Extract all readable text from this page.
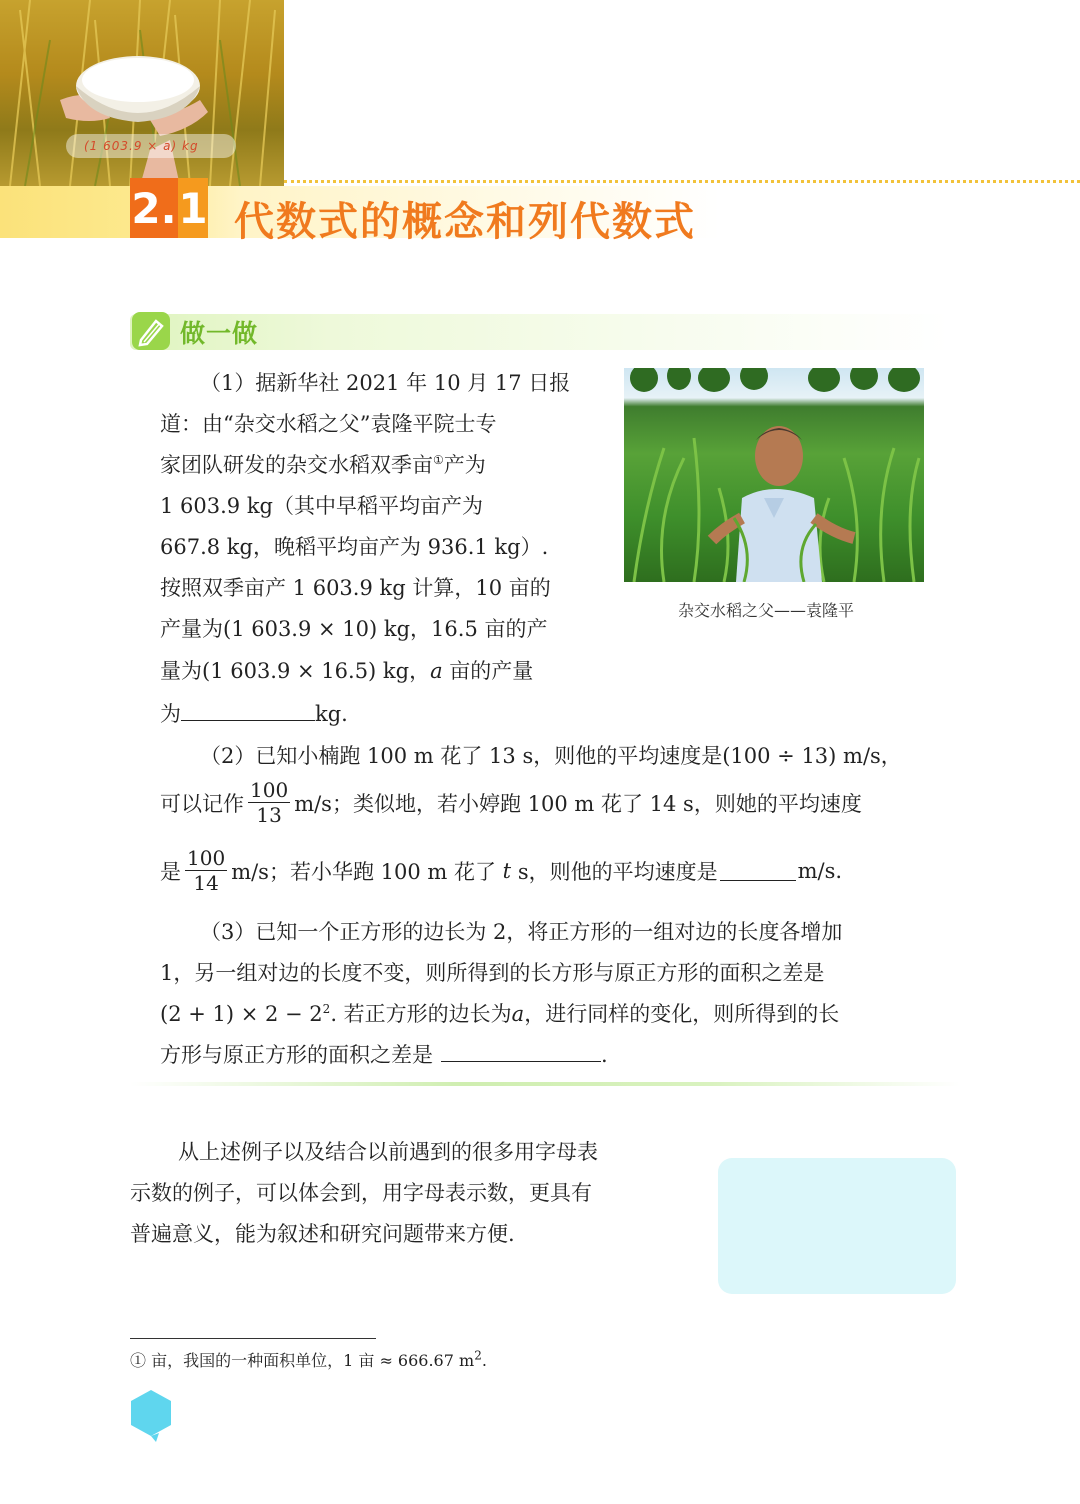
(1 603.9 × a) kg
2. 1 代数式的概念和列代数式
做一做
（1）据新华社 2021 年 10 月 17 日报
道：由“杂交水稻之父”袁隆平院士专
家团队研发的杂交水稻双季亩①产为
1 603.9 kg（其中早稻平均亩产为
667.8 kg，晚稻平均亩产为 936.1 kg）.
按照双季亩产 1 603.9 kg 计算，10 亩的
产量为(1 603.9 × 10) kg，16.5 亩的产
量为(1 603.9 × 16.5) kg，a 亩的产量
为	kg.
杂交水稻之父——袁隆平
（2）已知小楠跑 100 m 花了 13 s，则他的平均速度是(100 ÷ 13) m/s，
可以记作 $\frac{100}{13} m/s$；类似地，若小婷跑 100 m 花了 14 s，则她的平均速度
是 $\frac{100}{14} m/s$；若小华跑 100 m 花了
t
s，则他的平均速度是	m/s.
（3）已知一个正方形的边长为 2，将正方形的一组对边的长度各增加
1，另一组对边的长度不变，则所得到的长方形与原正方形的面积之差是
$(2 + 1) \times 2 - 2^2$. 若正方形的边长为a，进行同样的变化，则所得到的长
方形与原正方形的面积之差是	.
从上述例子以及结合以前遇到的很多用字母表
示数的例子，可以体会到，用字母表示数，更具有
普遍意义，能为叙述和研究问题带来方便.
① 亩，我国的一种面积单位，1 亩 ≈ 666.67 $m^2$.
